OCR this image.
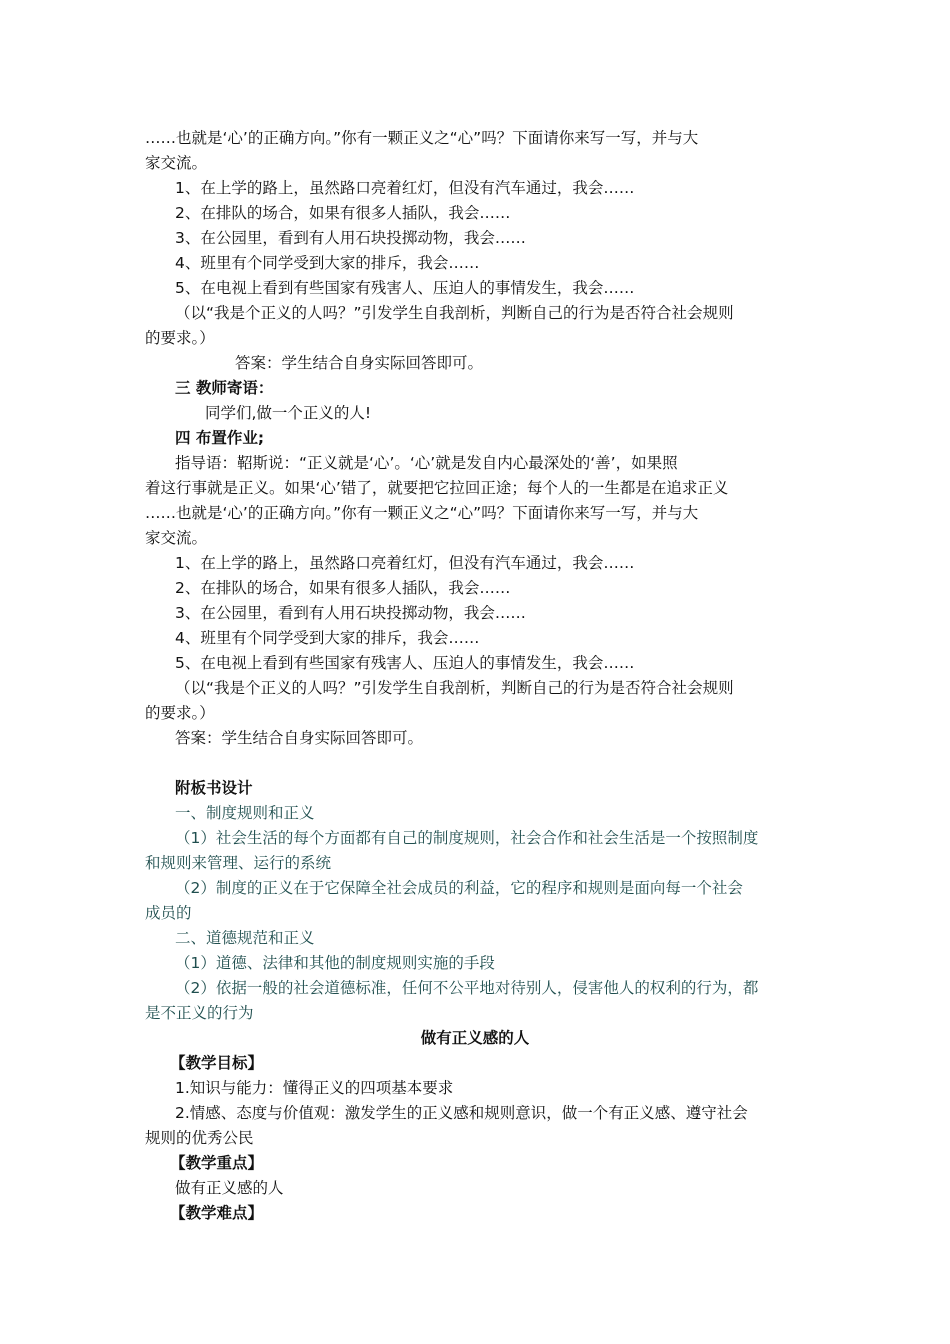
……也就是‘心’的正确方向。”你有一颗正义之“心”吗？下面请你来写一写，并与大
家交流。
1、在上学的路上，虽然路口亮着红灯，但没有汽车通过，我会……
2、在排队的场合，如果有很多人插队，我会……
3、在公园里，看到有人用石块投掷动物，我会……
4、班里有个同学受到大家的排斥，我会……
5、在电视上看到有些国家有残害人、压迫人的事情发生，我会……
（以“我是个正义的人吗？”引发学生自我剖析，判断自己的行为是否符合社会规则
的要求。）
答案：学生结合自身实际回答即可。
三 教师寄语：
同学们,做一个正义的人!
四 布置作业;
指导语：鞀斯说：“正义就是‘心’。‘心’就是发自内心最深处的‘善’，如果照
着这行事就是正义。如果‘心’错了，就要把它拉回正途；每个人的一生都是在追求正义
……也就是‘心’的正确方向。”你有一颗正义之“心”吗？下面请你来写一写，并与大
家交流。
1、在上学的路上，虽然路口亮着红灯，但没有汽车通过，我会……
2、在排队的场合，如果有很多人插队，我会……
3、在公园里，看到有人用石块投掷动物，我会……
4、班里有个同学受到大家的排斥，我会……
5、在电视上看到有些国家有残害人、压迫人的事情发生，我会……
（以“我是个正义的人吗？”引发学生自我剖析，判断自己的行为是否符合社会规则
的要求。）
答案：学生结合自身实际回答即可。
附板书设计
一、制度规则和正义
（1）社会生活的每个方面都有自己的制度规则，社会合作和社会生活是一个按照制度
和规则来管理、运行的系统
（2）制度的正义在于它保障全社会成员的利益，它的程序和规则是面向每一个社会
成员的
二、道德规范和正义
（1）道德、法律和其他的制度规则实施的手段
（2）依据一般的社会道德标准，任何不公平地对待别人，侵害他人的权利的行为，都
是不正义的行为
做有正义感的人
【教学目标】
1.知识与能力：懂得正义的四项基本要求
2.情感、态度与价值观：激发学生的正义感和规则意识，做一个有正义感、遵守社会
规则的优秀公民
【教学重点】
做有正义感的人
【教学难点】
